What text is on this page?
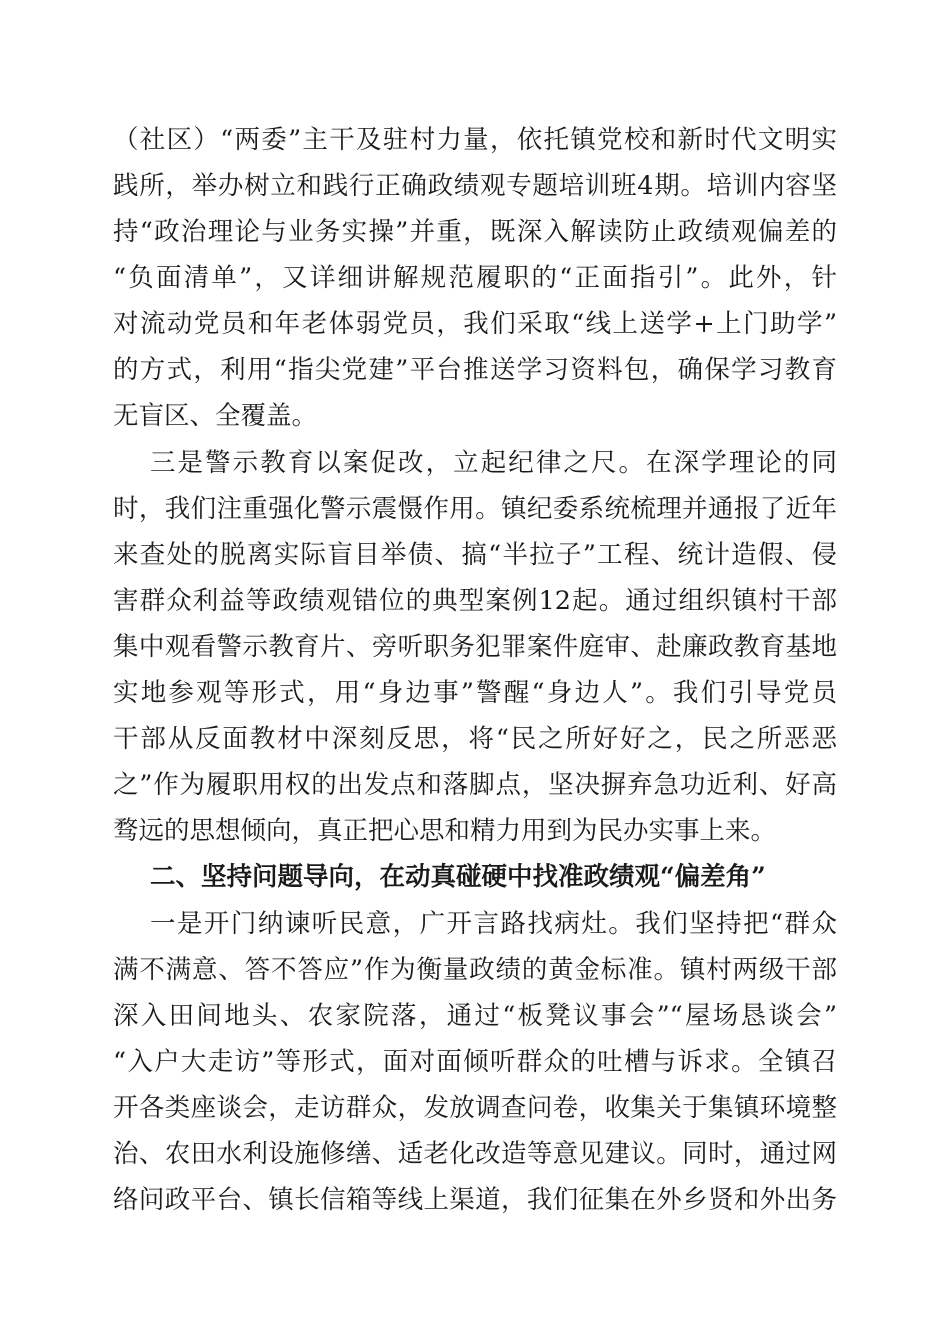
（社区）“两委”主干及驻村力量，依托镇党校和新时代文明实
践所，举办树立和践行正确政绩观专题培训班4期。培训内容坚
持“政治理论与业务实操”并重，既深入解读防止政绩观偏差的
“负面清单”，又详细讲解规范履职的“正面指引”。此外，针
对流动党员和年老体弱党员，我们采取“线上送学+上门助学”
的方式，利用“指尖党建”平台推送学习资料包，确保学习教育
无盲区、全覆盖。
三是警示教育以案促改，立起纪律之尺。在深学理论的同
时，我们注重强化警示震慑作用。镇纪委系统梳理并通报了近年
来查处的脱离实际盲目举债、搞“半拉子”工程、统计造假、侵
害群众利益等政绩观错位的典型案例12起。通过组织镇村干部
集中观看警示教育片、旁听职务犯罪案件庭审、赴廉政教育基地
实地参观等形式，用“身边事”警醒“身边人”。我们引导党员
干部从反面教材中深刻反思，将“民之所好好之，民之所恶恶
之”作为履职用权的出发点和落脚点，坚决摒弃急功近利、好高
骛远的思想倾向，真正把心思和精力用到为民办实事上来。
二、坚持问题导向，在动真碰硬中找准政绩观“偏差角”
一是开门纳谏听民意，广开言路找病灶。我们坚持把“群众
满不满意、答不答应”作为衡量政绩的黄金标准。镇村两级干部
深入田间地头、农家院落，通过“板凳议事会”“屋场恳谈会”
“入户大走访”等形式，面对面倾听群众的吐槽与诉求。全镇召
开各类座谈会，走访群众，发放调查问卷，收集关于集镇环境整
治、农田水利设施修缮、适老化改造等意见建议。同时，通过网
络问政平台、镇长信箱等线上渠道，我们征集在外乡贤和外出务
